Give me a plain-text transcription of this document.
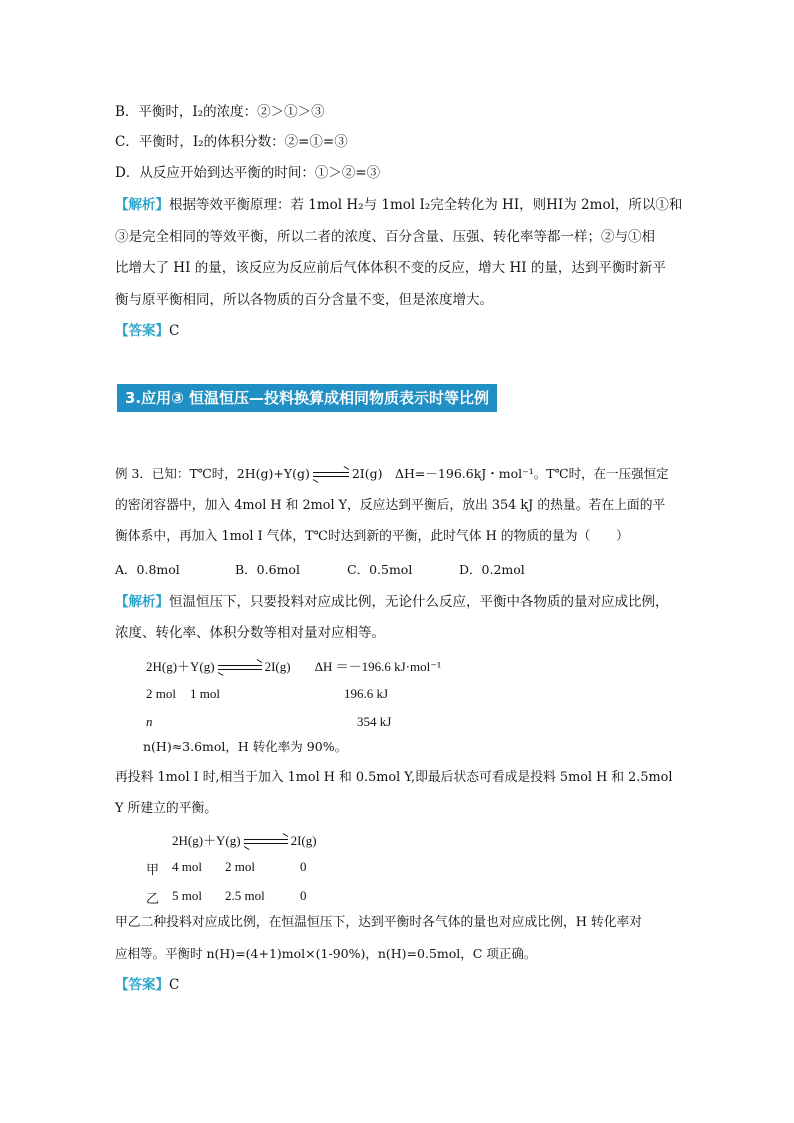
B．平衡时，I₂的浓度：②＞①＞③
C．平衡时，I₂的体积分数：②=①=③
D．从反应开始到达平衡的时间：①＞②=③
【解析】根据等效平衡原理：若 1mol H₂与 1mol I₂完全转化为 HI，则HI为 2mol，所以①和
③是完全相同的等效平衡，所以二者的浓度、百分含量、压强、转化率等都一样；②与①相
比增大了 HI 的量，该反应为反应前后气体体积不变的反应，增大 HI 的量，达到平衡时新平
衡与原平衡相同，所以各物质的百分含量不变，但是浓度增大。
【答案】C
3.应用③ 恒温恒压—投料换算成相同物质表示时等比例
例 3．已知：T℃时，2H(g)+Y(g)	2I(g)　ΔH=－196.6kJ・mol⁻¹。T℃时，在一压强恒定
的密闭容器中，加入 4mol H 和 2mol Y，反应达到平衡后，放出 354 kJ 的热量。若在上面的平
衡体系中，再加入 1mol I 气体，T℃时达到新的平衡，此时气体 H 的物质的量为（　　）
A．0.8mol	B．0.6mol	C．0.5mol	D．0.2mol
【解析】恒温恒压下，只要投料对应成比例，无论什么反应，平衡中各物质的量对应成比例，
浓度、转化率、体积分数等相对量对应相等。
2H(g)＋Y(g)	2I(g) ΔH ＝－196.6 kJ·mol⁻¹
2 mol 1 mol	196.6 kJ
n	354 kJ
n(H)≈3.6mol，H 转化率为 90%。
再投料 1mol I 时,相当于加入 1mol H 和 0.5mol Y,即最后状态可看成是投料 5mol H 和 2.5mol
Y 所建立的平衡。
2H(g)＋Y(g)	2I(g)
甲 4 mol 2 mol	0
乙 5 mol 2.5 mol	0
甲乙二种投料对应成比例，在恒温恒压下，达到平衡时各气体的量也对应成比例，H 转化率对
应相等。平衡时 n(H)=(4+1)mol×(1-90%)，n(H)=0.5mol，C 项正确。
【答案】C
